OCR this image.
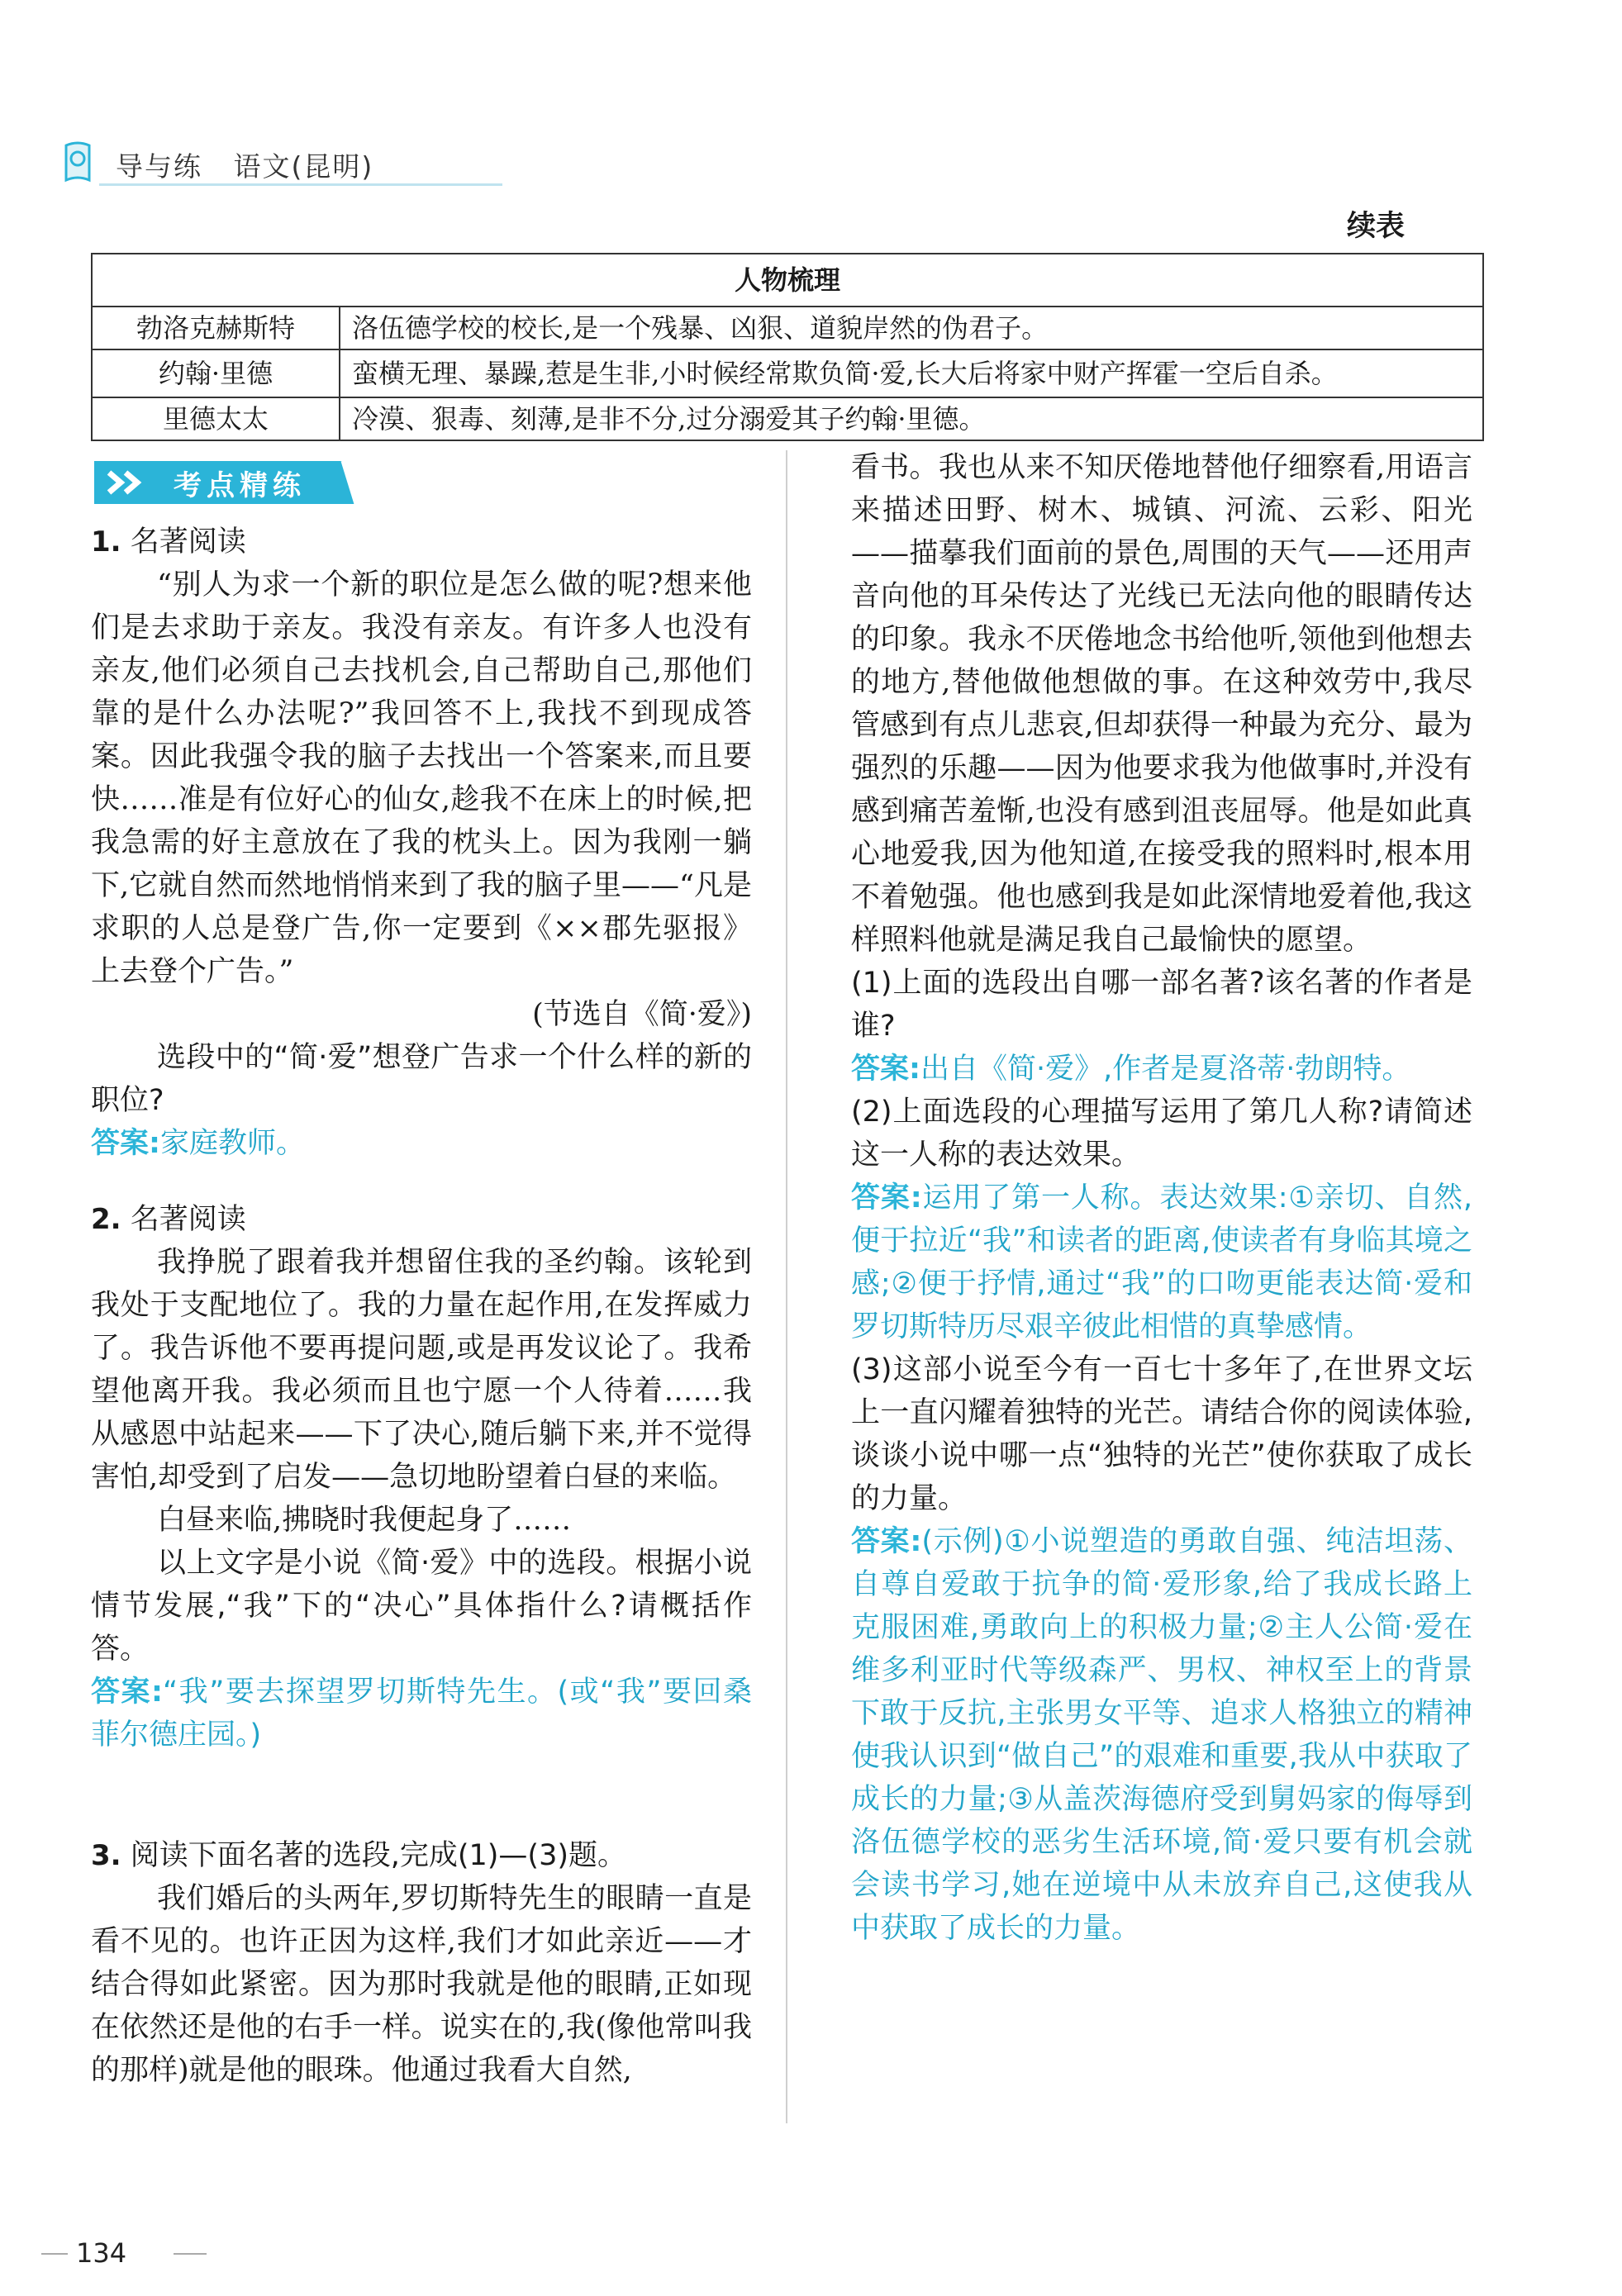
导与练 语文(昆明)
续表
人物梳理	
勃洛克赫斯特	洛伍德学校的校长,是一个残暴、凶狠、道貌岸然的伪君子。
约翰·里德	蛮横无理、暴躁,惹是生非,小时候经常欺负简·爱,长大后将家中财产挥霍一空后自杀。
里德太太	冷漠、狠毒、刻薄,是非不分,过分溺爱其子约翰·里德。
考点精练

1. 名著阅读

“别人为求一个新的职位是怎么做的呢?想来他们是去求助于亲友。我没有亲友。有许多人也没有亲友,他们必须自己去找机会,自己帮助自己,那他们靠的是什么办法呢?”我回答不上,我找不到现成答案。因此我强令我的脑子去找出一个答案来,而且要快……准是有位好心的仙女,趁我不在床上的时候,把我急需的好主意放在了我的枕头上。因为我刚一躺下,它就自然而然地悄悄来到了我的脑子里——“凡是求职的人总是登广告,你一定要到《××郡先驱报》上去登个广告。”

(节选自《简·爱》)

选段中的“简·爱”想登广告求一个什么样的新的职位?

答案:家庭教师。

2. 名著阅读

我挣脱了跟着我并想留住我的圣约翰。该轮到我处于支配地位了。我的力量在起作用,在发挥威力了。我告诉他不要再提问题,或是再发议论了。我希望他离开我。我必须而且也宁愿一个人待着……我从感恩中站起来——下了决心,随后躺下来,并不觉得害怕,却受到了启发——急切地盼望着白昼的来临。

白昼来临,拂晓时我便起身了……

以上文字是小说《简·爱》中的选段。根据小说情节发展,“我”下的“决心”具体指什么?请概括作答。

答案:“我”要去探望罗切斯特先生。(或“我”要回桑菲尔德庄园。)

3. 阅读下面名著的选段,完成(1)—(3)题。

我们婚后的头两年,罗切斯特先生的眼睛一直是看不见的。也许正因为这样,我们才如此亲近——才结合得如此紧密。因为那时我就是他的眼睛,正如现在依然还是他的右手一样。说实在的,我(像他常叫我的那样)就是他的眼珠。他通过我看大自然,

看书。我也从来不知厌倦地替他仔细察看,用语言来描述田野、树木、城镇、河流、云彩、阳光——描摹我们面前的景色,周围的天气——还用声音向他的耳朵传达了光线已无法向他的眼睛传达的印象。我永不厌倦地念书给他听,领他到他想去的地方,替他做他想做的事。在这种效劳中,我尽管感到有点儿悲哀,但却获得一种最为充分、最为强烈的乐趣——因为他要求我为他做事时,并没有感到痛苦羞惭,也没有感到沮丧屈辱。他是如此真心地爱我,因为他知道,在接受我的照料时,根本用不着勉强。他也感到我是如此深情地爱着他,我这样照料他就是满足我自己最愉快的愿望。

(1)上面的选段出自哪一部名著?该名著的作者是谁?

答案:出自《简·爱》,作者是夏洛蒂·勃朗特。

(2)上面选段的心理描写运用了第几人称?请简述这一人称的表达效果。

答案:运用了第一人称。表达效果:①亲切、自然,便于拉近“我”和读者的距离,使读者有身临其境之感;②便于抒情,通过“我”的口吻更能表达简·爱和罗切斯特历尽艰辛彼此相惜的真挚感情。

(3)这部小说至今有一百七十多年了,在世界文坛上一直闪耀着独特的光芒。请结合你的阅读体验,谈谈小说中哪一点“独特的光芒”使你获取了成长的力量。

答案:(示例)①小说塑造的勇敢自强、纯洁坦荡、自尊自爱敢于抗争的简·爱形象,给了我成长路上克服困难,勇敢向上的积极力量;②主人公简·爱在维多利亚时代等级森严、男权、神权至上的背景下敢于反抗,主张男女平等、追求人格独立的精神使我认识到“做自己”的艰难和重要,我从中获取了成长的力量;③从盖茨海德府受到舅妈家的侮辱到洛伍德学校的恶劣生活环境,简·爱只要有机会就会读书学习,她在逆境中从未放弃自己,这使我从中获取了成长的力量。

134
